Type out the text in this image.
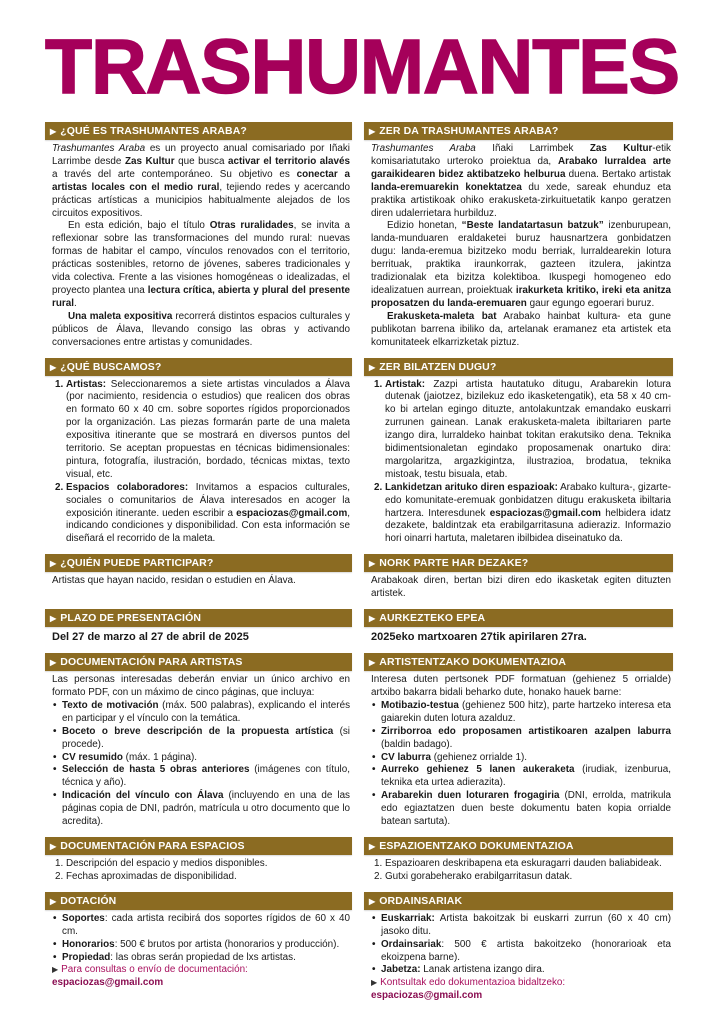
TRASHUMANTES
▶ ¿QUÉ ES TRASHUMANTES ARABA?

Trashumantes Araba es un proyecto anual comisariado por Iñaki Larrimbe desde Zas Kultur que busca activar el territorio alavés a través del arte contemporáneo. Su objetivo es conectar a artistas locales con el medio rural, tejiendo redes y acercando prácticas artísticas a municipios habitualmente alejados de los circuitos expositivos.

En esta edición, bajo el título Otras ruralidades, se invita a reflexionar sobre las transformaciones del mundo rural: nuevas formas de habitar el campo, vínculos renovados con el territorio, prácticas sostenibles, retorno de jóvenes, saberes tradicionales y vida colectiva. Frente a las visiones homogéneas o idealizadas, el proyecto plantea una lectura crítica, abierta y plural del presente rural.

Una maleta expositiva recorrerá distintos espacios culturales y públicos de Álava, llevando consigo las obras y activando conversaciones entre artistas y comunidades.

▶ ZER DA TRASHUMANTES ARABA?

Trashumantes Araba Iñaki Larrimbek Zas Kultur-etik komisariatutako urteroko proiektua da, Arabako lurraldea arte garaikidearen bidez aktibatzeko helburua duena. Bertako artistak landa-eremuarekin konektatzea du xede, sareak ehunduz eta praktika artistikoak ohiko erakusketa-zirkuituetatik kanpo geratzen diren udalerrietara hurbilduz.

Edizio honetan, “Beste landatartasun batzuk” izenburupean, landa-munduaren eraldaketei buruz hausnartzera gonbidatzen dugu: landa-eremua bizitzeko modu berriak, lurraldearekin lotura berrituak, praktika iraunkorrak, gazteen itzulera, jakintza tradizionalak eta bizitza kolektiboa. Ikuspegi homogeneo edo idealizatuen aurrean, proiektuak irakurketa kritiko, ireki eta anitza proposatzen du landa-eremuaren gaur egungo egoerari buruz.

Erakusketa-maleta bat Arabako hainbat kultura- eta gune publikotan barrena ibiliko da, artelanak eramanez eta artistek eta komunitateek elkarrizketak piztuz.

▶ ¿QUÉ BUSCAMOS?
1. Artistas: Seleccionaremos a siete artistas vinculados a Álava (por nacimiento, residencia o estudios) que realicen dos obras en formato 60 x 40 cm. sobre soportes rígidos proporcionados por la organización. Las piezas formarán parte de una maleta expositiva itinerante que se mostrará en diversos puntos del territorio. Se aceptan propuestas en técnicas bidimensionales: pintura, fotografía, ilustración, bordado, técnicas mixtas, texto visual, etc.
2. Espacios colaboradores: Invitamos a espacios culturales, sociales o comunitarios de Álava interesados en acoger la exposición itinerante. ueden escribir a espaciozas@gmail.com, indicando condiciones y disponibilidad. Con esta información se diseñará el recorrido de la maleta.
▶ ZER BILATZEN DUGU?
1. Artistak: Zazpi artista hautatuko ditugu, Arabarekin lotura dutenak (jaiotzez, bizilekuz edo ikasketengatik), eta 58 x 40 cm-ko bi artelan egingo dituzte, antolakuntzak emandako euskarri zurrunen gainean. Lanak erakusketa-maleta ibiltariaren parte izango dira, lurraldeko hainbat tokitan erakutsiko dena. Teknika bidimentsionaletan egindako proposamenak onartuko dira: margolaritza, argazkigintza, ilustrazioa, brodatua, teknika mistoak, testu bisuala, etab.
2. Lankidetzan arituko diren espazioak: Arabako kultura-, gizarte- edo komunitate-eremuak gonbidatzen ditugu erakusketa ibiltaria hartzera. Interesdunek espaciozas@gmail.com helbidera idatz dezakete, baldintzak eta erabilgarritasuna adieraziz. Informazio hori oinarri hartuta, maletaren ibilbidea diseinatuko da.
▶ ¿QUIÉN PUEDE PARTICIPAR?

Artistas que hayan nacido, residan o estudien en Álava.

▶ NORK PARTE HAR DEZAKE?

Arabakoak diren, bertan bizi diren edo ikasketak egiten dituzten artistek.

▶ PLAZO DE PRESENTACIÓN

Del 27 de marzo al 27 de abril de 2025

▶ AURKEZTEKO EPEA

2025eko martxoaren 27tik apirilaren 27ra.

▶ DOCUMENTACIÓN PARA ARTISTAS

Las personas interesadas deberán enviar un único archivo en formato PDF, con un máximo de cinco páginas, que incluya:

• Texto de motivación (máx. 500 palabras), explicando el interés en participar y el vínculo con la temática.
• Boceto o breve descripción de la propuesta artística (si procede).
• CV resumido (máx. 1 página).
• Selección de hasta 5 obras anteriores (imágenes con título, técnica y año).
• Indicación del vínculo con Álava (incluyendo en una de las páginas copia de DNI, padrón, matrícula u otro documento que lo acredita).
▶ ARTISTENTZAKO DOKUMENTAZIOA

Interesa duten pertsonek PDF formatuan (gehienez 5 orrialde) artxibo bakarra bidali beharko dute, honako hauek barne:

• Motibazio-testua (gehienez 500 hitz), parte hartzeko interesa eta gaiarekin duten lotura azalduz.
• Zirriborroa edo proposamen artistikoaren azalpen laburra (baldin badago).
• CV laburra (gehienez orrialde 1).
• Aurreko gehienez 5 lanen aukeraketa (irudiak, izenburua, teknika eta urtea adierazita).
• Arabarekin duen loturaren frogagiria (DNI, errolda, matrikula edo egiaztatzen duen beste dokumentu baten kopia orrialde batean sartuta).
▶ DOCUMENTACIÓN PARA ESPACIOS
1. Descripción del espacio y medios disponibles.
2. Fechas aproximadas de disponibilidad.
▶ ESPAZIOENTZAKO DOKUMENTAZIOA
1. Espazioaren deskribapena eta eskuragarri dauden baliabideak.
2. Gutxi gorabeherako erabilgarritasun datak.
▶ DOTACIÓN
• Soportes: cada artista recibirá dos soportes rígidos de 60 x 40 cm.
• Honorarios: 500 € brutos por artista (honorarios y producción).
• Propiedad: las obras serán propiedad de lxs artistas.

▶ Para consultas o envío de documentación: espaciozas@gmail.com

▶ ORDAINSARIAK
• Euskarriak: Artista bakoitzak bi euskarri zurrun (60 x 40 cm) jasoko ditu.
• Ordainsariak: 500 € artista bakoitzeko (honorarioak eta ekoizpena barne).
• Jabetza: Lanak artistena izango dira.

▶ Kontsultak edo dokumentazioa bidaltzeko: espaciozas@gmail.com
